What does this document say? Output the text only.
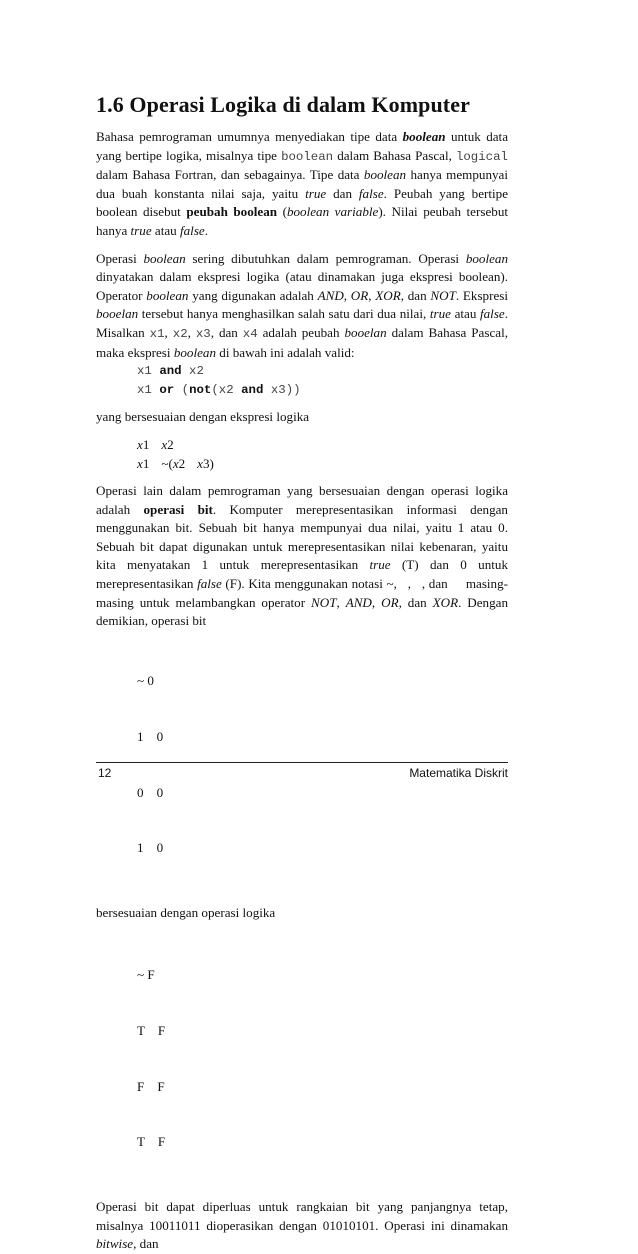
1.6 Operasi Logika di dalam Komputer

Bahasa pemrograman umumnya menyediakan tipe data boolean untuk data yang bertipe logika, misalnya tipe boolean dalam Bahasa Pascal, logical dalam Bahasa Fortran, dan sebagainya. Tipe data boolean hanya mempunyai dua buah konstanta nilai saja, yaitu true dan false. Peubah yang bertipe boolean disebut peubah boolean (boolean variable). Nilai peubah tersebut hanya true atau false.

Operasi boolean sering dibutuhkan dalam pemrograman. Operasi boolean dinyatakan dalam ekspresi logika (atau dinamakan juga ekspresi boolean). Operator boolean yang digunakan adalah AND, OR, XOR, dan NOT. Ekspresi booelan tersebut hanya menghasilkan salah satu dari dua nilai, true atau false. Misalkan x1, x2, x3, dan x4 adalah peubah booelan dalam Bahasa Pascal, maka ekspresi boolean di bawah ini adalah valid:

x1 and x2
x1 or (not(x2 and x3))

yang bersesuaian dengan ekspresi logika

x1 x2
x1 ~(x2 x3)

Operasi lain dalam pemrograman yang bersesuaian dengan operasi logika adalah operasi bit. Komputer merepresentasikan informasi dengan menggunakan bit. Sebuah bit hanya mempunyai dua nilai, yaitu 1 atau 0. Sebuah bit dapat digunakan untuk merepresentasikan nilai kebenaran, yaitu kita menyatakan 1 untuk merepresentasikan true (T) dan 0 untuk merepresentasikan false (F). Kita menggunakan notasi ~,   ,   , dan     masing-masing untuk melambangkan operator NOT, AND, OR, dan XOR. Dengan demikian, operasi bit

~ 0

1    0

0    0

1    0

bersesuaian dengan operasi logika

~ F

T    F

F    F

T    F

Operasi bit dapat diperluas untuk rangkaian bit yang panjangnya tetap, misalnya 10011011 dioperasikan dengan 01010101. Operasi ini dinamakan bitwise, dan

12	Matematika Diskrit
